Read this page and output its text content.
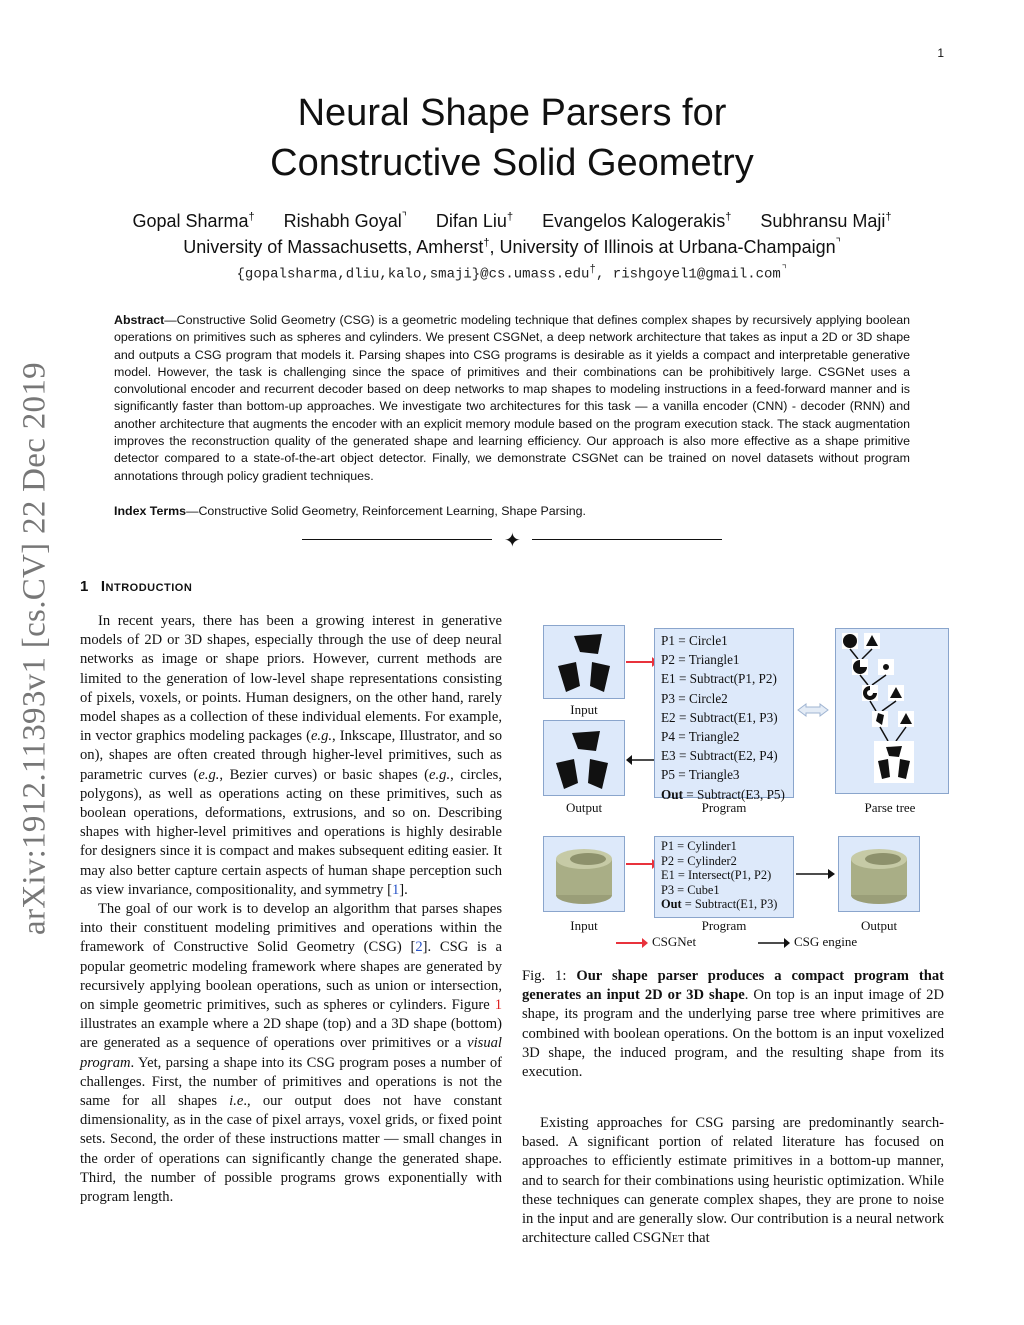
1
arXiv:1912.11393v1 [cs.CV] 22 Dec 2019
Neural Shape Parsers for
Constructive Solid Geometry
Gopal Sharma† Rishabh Goyal⌝ Difan Liu† Evangelos Kalogerakis† Subhransu Maji†
University of Massachusetts, Amherst†, University of Illinois at Urbana-Champaign⌝
{gopalsharma,dliu,kalo,smaji}@cs.umass.edu†, rishgoyel1@gmail.com⌝
Abstract—Constructive Solid Geometry (CSG) is a geometric modeling technique that defines complex shapes by recursively applying boolean operations on primitives such as spheres and cylinders. We present CSGNet, a deep network architecture that takes as input a 2D or 3D shape and outputs a CSG program that models it. Parsing shapes into CSG programs is desirable as it yields a compact and interpretable generative model. However, the task is challenging since the space of primitives and their combinations can be prohibitively large. CSGNet uses a convolutional encoder and recurrent decoder based on deep networks to map shapes to modeling instructions in a feed-forward manner and is significantly faster than bottom-up approaches. We investigate two architectures for this task — a vanilla encoder (CNN) - decoder (RNN) and another architecture that augments the encoder with an explicit memory module based on the program execution stack. The stack augmentation improves the reconstruction quality of the generated shape and learning efficiency. Our approach is also more effective as a shape primitive detector compared to a state-of-the-art object detector. Finally, we demonstrate CSGNet can be trained on novel datasets without program annotations through policy gradient techniques.
Index Terms—Constructive Solid Geometry, Reinforcement Learning, Shape Parsing.
✦
1 Introduction

In recent years, there has been a growing interest in generative models of 2D or 3D shapes, especially through the use of deep neural networks as image or shape priors. However, current methods are limited to the generation of low-level shape representations consisting of pixels, voxels, or points. Human designers, on the other hand, rarely model shapes as a collection of these individual elements. For example, in vector graphics modeling packages (e.g., Inkscape, Illustrator, and so on), shapes are often created through higher-level primitives, such as parametric curves (e.g., Bezier curves) or basic shapes (e.g., circles, polygons), as well as operations acting on these primitives, such as boolean operations, deformations, extrusions, and so on. Describing shapes with higher-level primitives and operations is highly desirable for designers since it is compact and makes subsequent editing easier. It may also better capture certain aspects of human shape perception such as view invariance, compositionality, and symmetry [1].

The goal of our work is to develop an algorithm that parses shapes into their constituent modeling primitives and operations within the framework of Constructive Solid Geometry (CSG) [2]. CSG is a popular geometric modeling framework where shapes are generated by recursively applying boolean operations, such as union or intersection, on simple geometric primitives, such as spheres or cylinders. Figure 1 illustrates an example where a 2D shape (top) and a 3D shape (bottom) are generated as a sequence of operations over primitives or a visual program. Yet, parsing a shape into its CSG program poses a number of challenges. First, the number of primitives and operations is not the same for all shapes i.e., our output does not have constant dimensionality, as in the case of pixel arrays, voxel grids, or fixed point sets. Second, the order of these instructions matter — small changes in the order of operations can significantly change the generated shape. Third, the number of possible programs grows exponentially with program length.

Input
Output
P1 = Circle1
P2 = Triangle1
E1 = Subtract(P1, P2)
P3 = Circle2
E2 = Subtract(E1, P3)
P4 = Triangle2
E3 = Subtract(E2, P4)
P5 = Triangle3
Out = Subtract(E3, P5)
Program	Parse tree
Input
P1 = Cylinder1
P2 = Cylinder2
E1 = Intersect(P1, P2)
P3 = Cube1
Out = Subtract(E1, P3)
Program	Output
CSGNet	CSG engine
Fig. 1: Our shape parser produces a compact program that generates an input 2D or 3D shape. On top is an input image of 2D shape, its program and the underlying parse tree where primitives are combined with boolean operations. On the bottom is an input voxelized 3D shape, the induced program, and the resulting shape from its execution.

Existing approaches for CSG parsing are predominantly search-based. A significant portion of related literature has focused on approaches to efficiently estimate primitives in a bottom-up manner, and to search for their combinations using heuristic optimization. While these techniques can generate complex shapes, they are prone to noise in the input and are generally slow. Our contribution is a neural network architecture called CSGNet that
